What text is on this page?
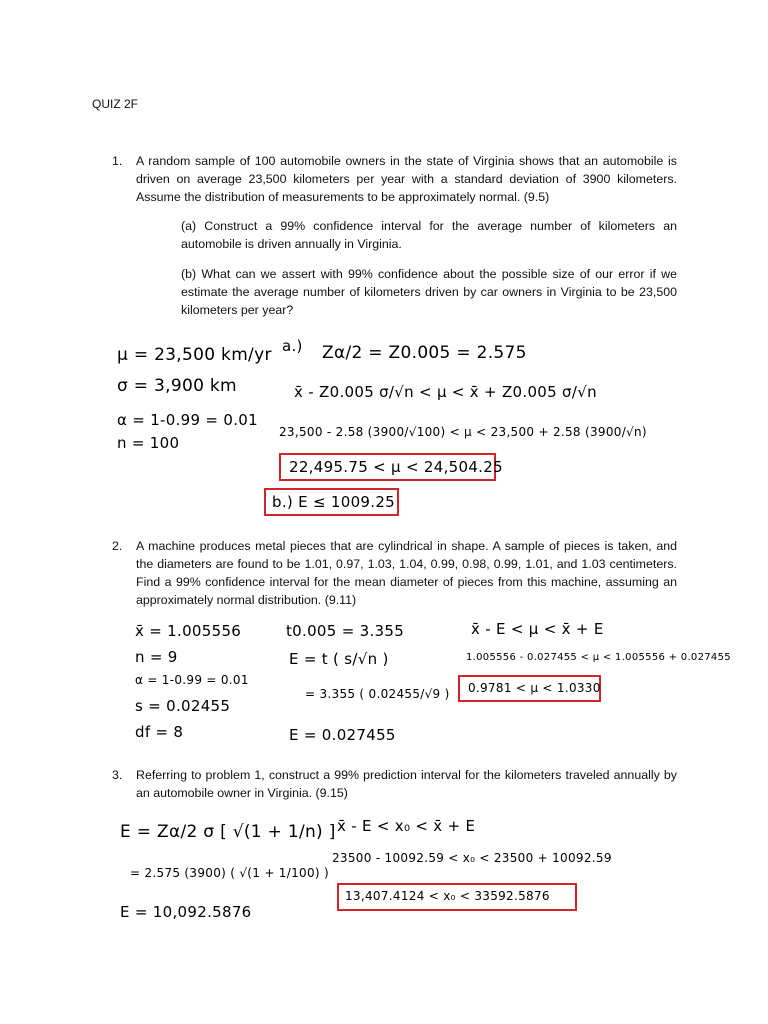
QUIZ 2F
1. A random sample of 100 automobile owners in the state of Virginia shows that an automobile is driven on average 23,500 kilometers per year with a standard deviation of 3900 kilometers. Assume the distribution of measurements to be approximately normal. (9.5)
(a) Construct a 99% confidence interval for the average number of kilometers an automobile is driven annually in Virginia.
(b) What can we assert with 99% confidence about the possible size of our error if we estimate the average number of kilometers driven by car owners in Virginia to be 23,500 kilometers per year?
μ = 23,500 km/yr
σ = 3,900 km
α = 1-0.99 = 0.01
n = 100
a.) Zα/2 = Z0.005 = 2.575
x̄ - Z0.005 σ/√n < μ < x̄ + Z0.005 σ/√n
23,500 - 2.58 (3900/√100) < μ < 23,500 + 2.58 (3900/√n)
22,495.75 < μ < 24,504.25
b.) E ≤ 1009.25
2. A machine produces metal pieces that are cylindrical in shape. A sample of pieces is taken, and the diameters are found to be 1.01, 0.97, 1.03, 1.04, 0.99, 0.98, 0.99, 1.01, and 1.03 centimeters. Find a 99% confidence interval for the mean diameter of pieces from this machine, assuming an approximately normal distribution. (9.11)
x̄ = 1.005556
n = 9
α = 1-0.99 = 0.01
s = 0.02455
df = 8
t0.005 = 3.355
E = t ( s/√n )
= 3.355 ( 0.02455/√9 )
E = 0.027455
x̄ - E < μ < x̄ + E
1.005556 - 0.027455 < μ < 1.005556 + 0.027455
0.9781 < μ < 1.0330
3. Referring to problem 1, construct a 99% prediction interval for the kilometers traveled annually by an automobile owner in Virginia. (9.15)
E = Zα/2 σ [ √(1 + 1/n) ]
= 2.575 (3900) ( √(1 + 1/100) )
E = 10,092.5876
x̄ - E < x₀ < x̄ + E
23500 - 10092.59 < x₀ < 23500 + 10092.59
13,407.4124 < x₀ < 33592.5876
